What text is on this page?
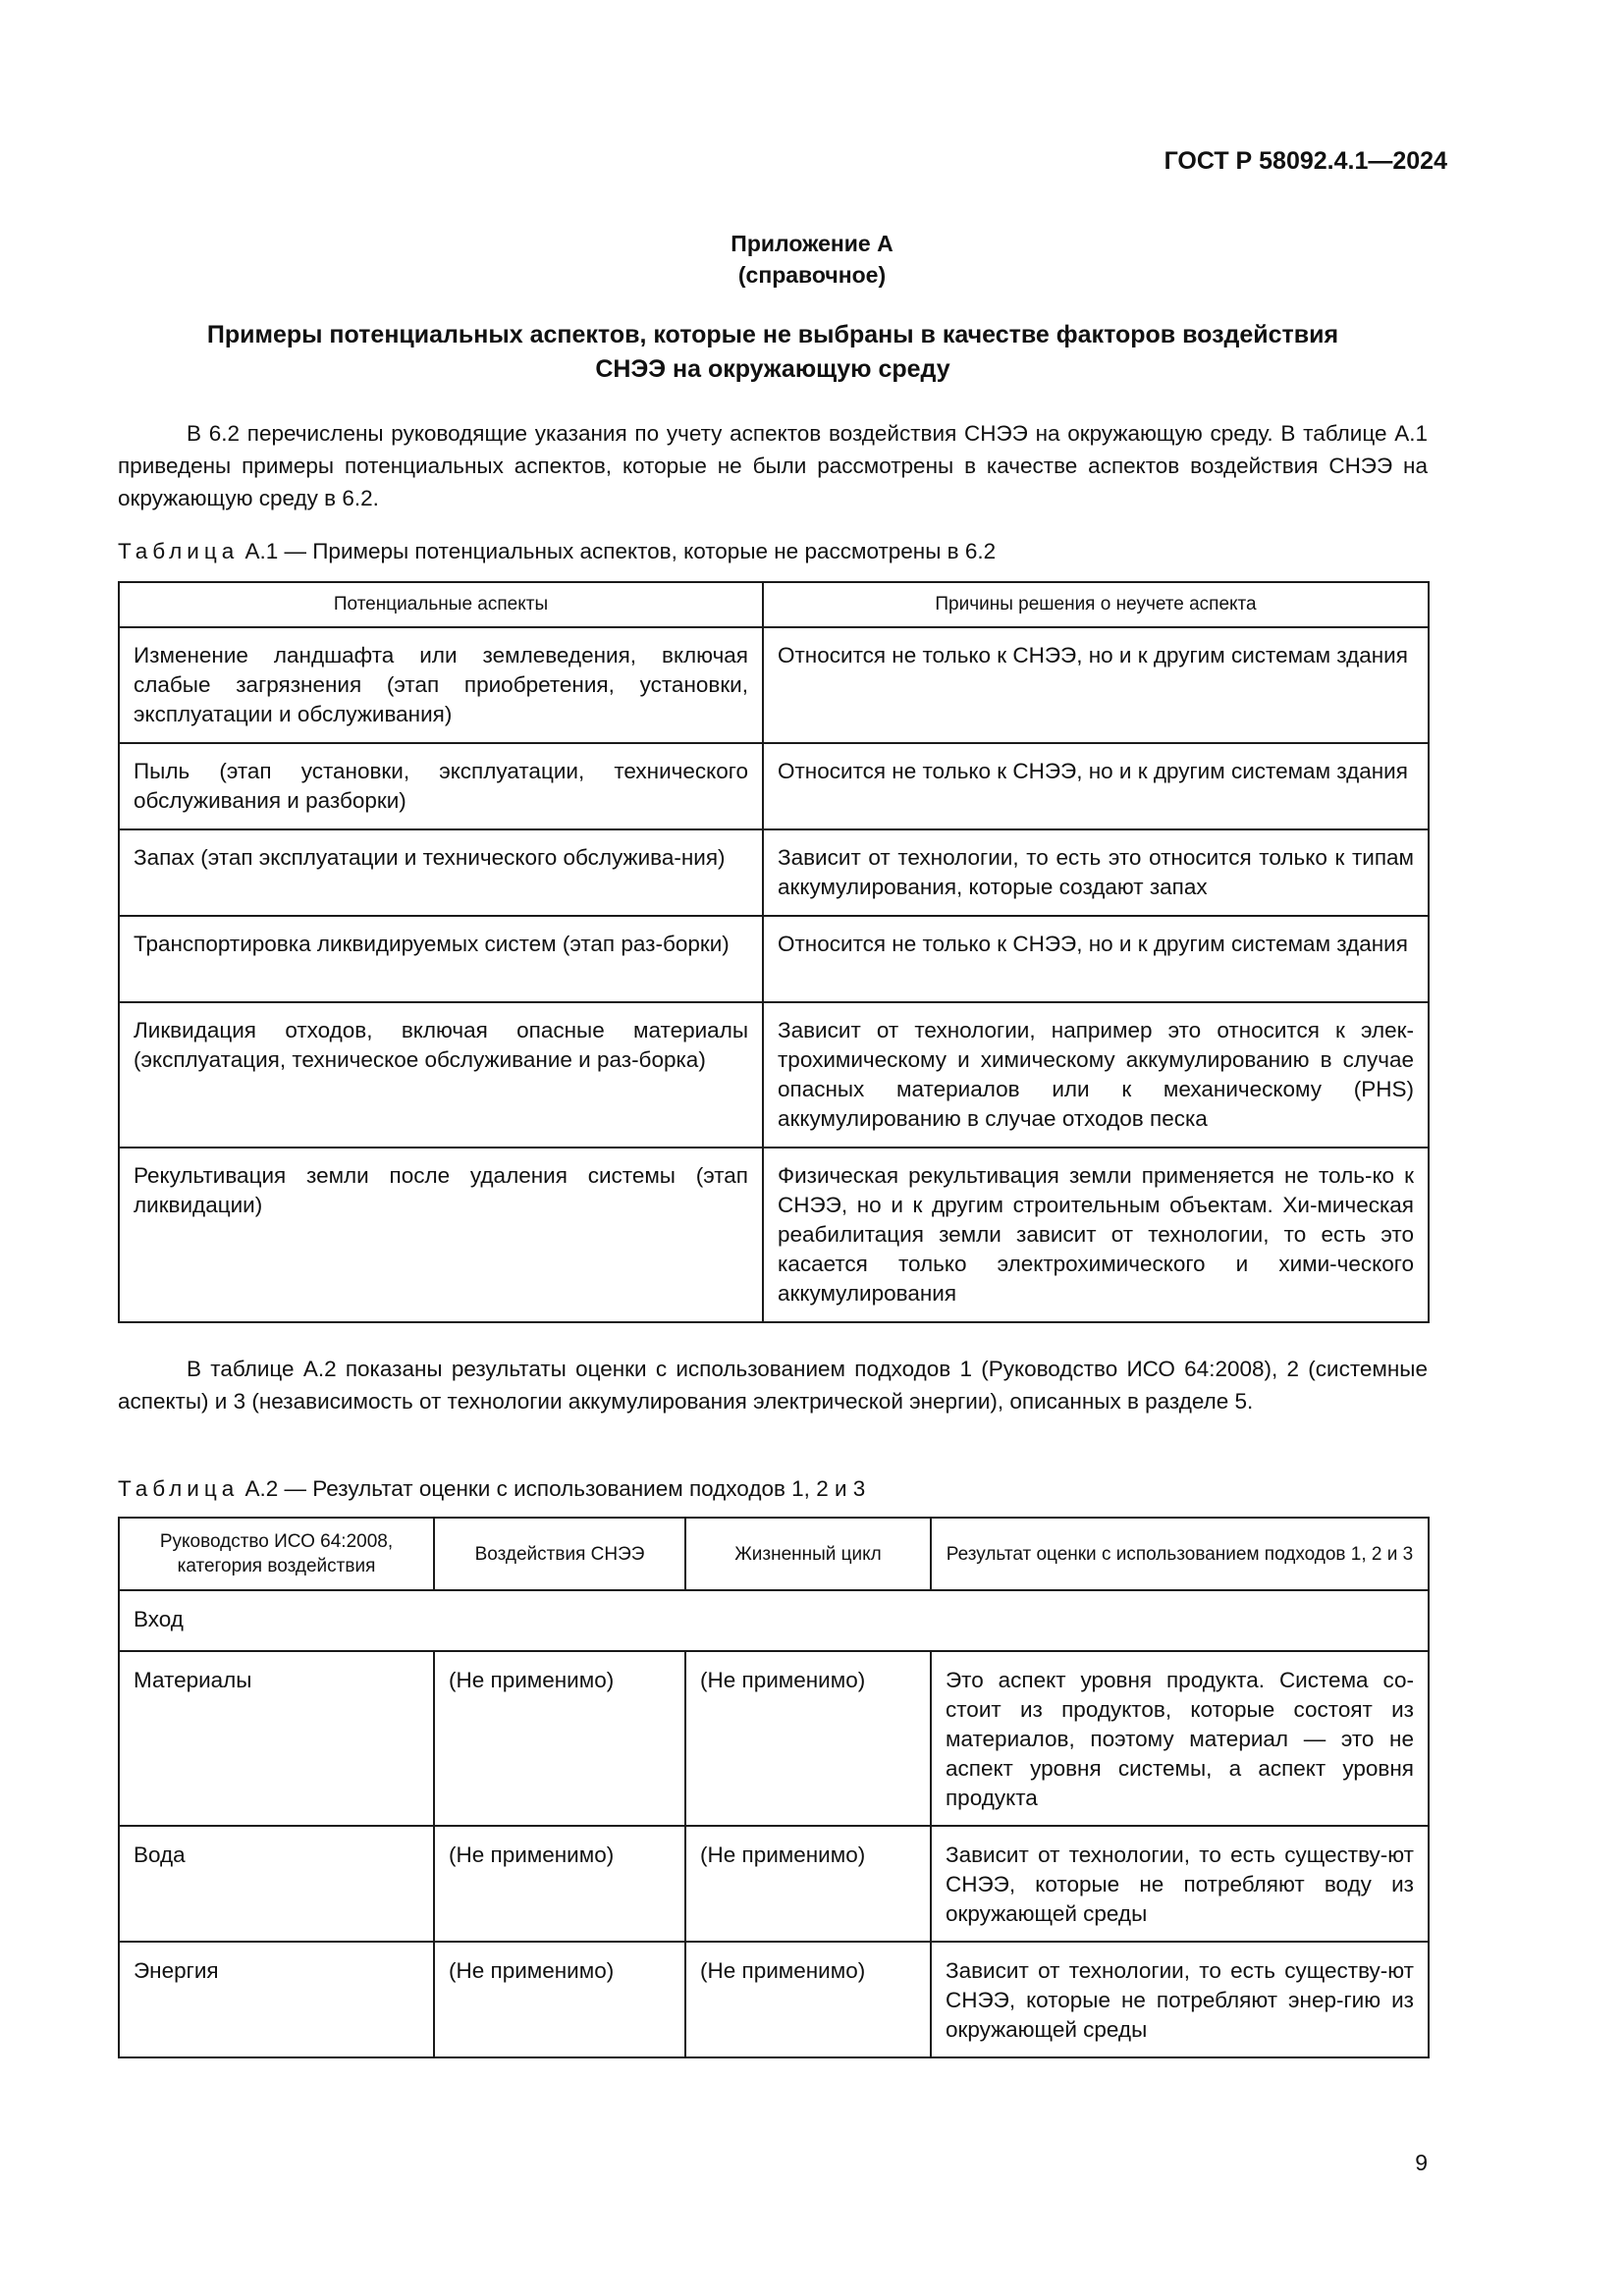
ГОСТ Р 58092.4.1—2024
Приложение А
(справочное)
Примеры потенциальных аспектов, которые не выбраны в качестве факторов воздействия
СНЭЭ на окружающую среду

В 6.2 перечислены руководящие указания по учету аспектов воздействия СНЭЭ на окружающую среду. В таблице А.1 приведены примеры потенциальных аспектов, которые не были рассмотрены в качестве аспектов воздействия СНЭЭ на окружающую среду в 6.2.

Таблица А.1 — Примеры потенциальных аспектов, которые не рассмотрены в 6.2
Потенциальные аспекты	Причины решения о неучете аспекта
Изменение ландшафта или землеведения, включая слабые загрязнения (этап приобретения, установки, эксплуатации и обслуживания)	Относится не только к СНЭЭ, но и к другим системам здания
Пыль (этап установки, эксплуатации, технического обслуживания и разборки)	Относится не только к СНЭЭ, но и к другим системам здания
Запах (этап эксплуатации и технического обслужива-ния)	Зависит от технологии, то есть это относится только к типам аккумулирования, которые создают запах
Транспортировка ликвидируемых систем (этап раз-борки)	Относится не только к СНЭЭ, но и к другим системам здания
Ликвидация отходов, включая опасные материалы (эксплуатация, техническое обслуживание и раз-борка)	Зависит от технологии, например это относится к элек-трохимическому и химическому аккумулированию в случае опасных материалов или к механическому (PHS) аккумулированию в случае отходов песка
Рекультивация земли после удаления системы (этап ликвидации)	Физическая рекультивация земли применяется не толь-ко к СНЭЭ, но и к другим строительным объектам. Хи-мическая реабилитация земли зависит от технологии, то есть это касается только электрохимического и хими-ческого аккумулирования

В таблице А.2 показаны результаты оценки с использованием подходов 1 (Руководство ИСО 64:2008), 2 (системные аспекты) и 3 (независимость от технологии аккумулирования электрической энергии), описанных в разделе 5.

Таблица А.2 — Результат оценки с использованием подходов 1, 2 и 3
Руководство ИСО 64:2008, категория воздействия	Воздействия СНЭЭ	Жизненный цикл	Результат оценки с использованием подходов 1, 2 и 3
Вход			
Материалы	(Не применимо)	(Не применимо)	Это аспект уровня продукта. Система со-стоит из продуктов, которые состоят из материалов, поэтому материал — это не аспект уровня системы, а аспект уровня продукта
Вода	(Не применимо)	(Не применимо)	Зависит от технологии, то есть существу-ют СНЭЭ, которые не потребляют воду из окружающей среды
Энергия	(Не применимо)	(Не применимо)	Зависит от технологии, то есть существу-ют СНЭЭ, которые не потребляют энер-гию из окружающей среды
9
